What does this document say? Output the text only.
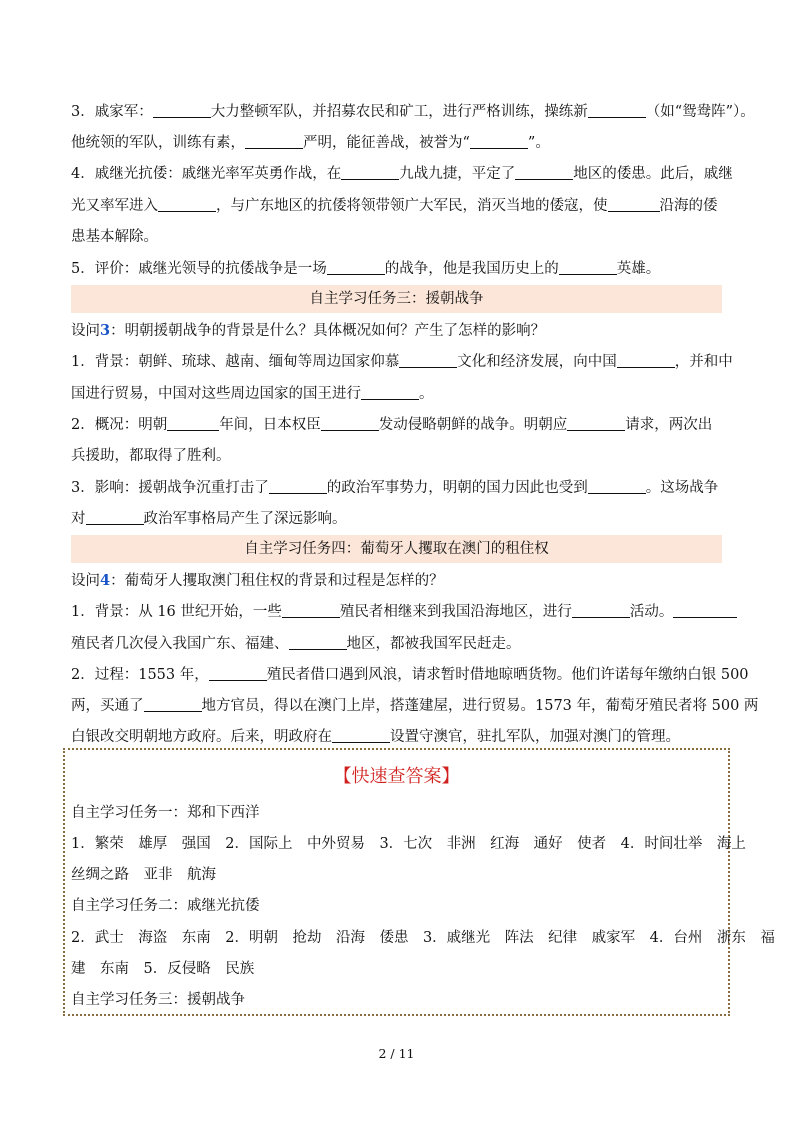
3．戚家军：	大力整顿军队，并招募农民和矿工，进行严格训练，操练新	（如“鸳鸯阵”）。
他统领的军队，训练有素，	严明，能征善战，被誉为“	”。
4．戚继光抗倭：戚继光率军英勇作战，在	九战九捷，平定了	地区的倭患。此后，戚继
光又率军进入	，与广东地区的抗倭将领带领广大军民，消灭当地的倭寇，使	沿海的倭
患基本解除。
5．评价：戚继光领导的抗倭战争是一场	的战争，他是我国历史上的	英雄。
自主学习任务三：援朝战争
设问3：明朝援朝战争的背景是什么？具体概况如何？产生了怎样的影响？
1．背景：朝鲜、琉球、越南、缅甸等周边国家仰慕	文化和经济发展，向中国	，并和中
国进行贸易，中国对这些周边国家的国王进行	。
2．概况：明朝	年间，日本权臣	发动侵略朝鲜的战争。明朝应	请求，两次出
兵援助，都取得了胜利。
3．影响：援朝战争沉重打击了	的政治军事势力，明朝的国力因此也受到	。这场战争
对	政治军事格局产生了深远影响。
自主学习任务四：葡萄牙人攫取在澳门的租住权
设问4：葡萄牙人攫取澳门租住权的背景和过程是怎样的？
1．背景：从 16 世纪开始，一些	殖民者相继来到我国沿海地区，进行	活动。
殖民者几次侵入我国广东、福建、	地区，都被我国军民赶走。
2．过程：1553 年，	殖民者借口遇到风浪，请求暂时借地晾晒货物。他们许诺每年缴纳白银 500
两，买通了	地方官员，得以在澳门上岸，搭蓬建屋，进行贸易。1573 年，葡萄牙殖民者将 500 两
白银改交明朝地方政府。后来，明政府在	设置守澳官，驻扎军队，加强对澳门的管理。
【快速查答案】
自主学习任务一：郑和下西洋
1．繁荣　雄厚　强国　2．国际上　中外贸易　3．七次　非洲　红海　通好　使者　4．时间壮举　海上
丝绸之路　亚非　航海
自主学习任务二：戚继光抗倭
2．武士　海盗　东南　2．明朝　抢劫　沿海　倭患　3．戚继光　阵法　纪律　戚家军　4．台州　浙东　福
建　东南　5．反侵略　民族
自主学习任务三：援朝战争
2 / 11
